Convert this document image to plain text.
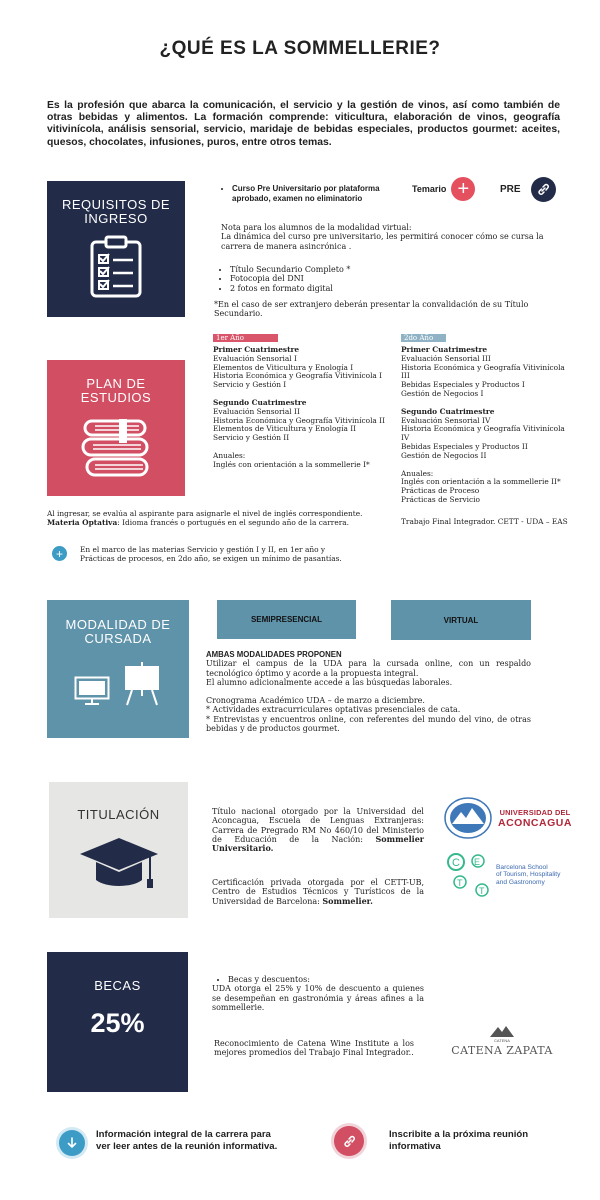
¿QUÉ ES LA SOMMELLERIE?
Es la profesión que abarca la comunicación, el servicio y la gestión de vinos, así como también de otras bebidas y alimentos. La formación comprende: viticultura, elaboración de vinos, geografía vitivinícola, análisis sensorial, servicio, maridaje de bebidas especiales, productos gourmet: aceites, quesos, chocolates, infusiones, puros, entre otros temas.
REQUISITOS DE INGRESO
• Curso Pre Universitario por plataforma aprobado, examen no eliminatorio
Temario +	PRE
Nota para los alumnos de la modalidad virtual:
La dinámica del curso pre universitario, les permitirá conocer cómo se cursa la carrera de manera asincrónica .
• Título Secundario Completo *
• Fotocopia del DNI
• 2 fotos en formato digital
*En el caso de ser extranjero deberán presentar la convalidación de su Título Secundario.
PLAN DE ESTUDIOS
1er Año
Primer Cuatrimestre
Evaluación Sensorial I
Elementos de Viticultura y Enología I
Historia Económica y Geografía Vitivinícola I
Servicio y Gestión I
Segundo Cuatrimestre
Evaluación Sensorial II
Historia Económica y Geografía Vitivinícola II
Elementos de Viticultura y Enología II
Servicio y Gestión II
Anuales:
Inglés con orientación a la sommellerie I*
2do Año
Primer Cuatrimestre
Evaluación Sensorial III
Historia Económica y Geografía Vitivinícola III
Bebidas Especiales y Productos I
Gestión de Negocios I
Segundo Cuatrimestre
Evaluación Sensorial IV
Historia Económica y Geografía Vitivinícola IV
Bebidas Especiales y Productos II
Gestión de Negocios II
Anuales:
Inglés con orientación a la sommellerie II*
Prácticas de Proceso
Prácticas de Servicio
Trabajo Final Integrador. CETT - UDA – EAS
Al ingresar, se evalúa al aspirante para asignarle el nivel de inglés correspondiente.
Materia Optativa: Idioma francés o portugués en el segundo año de la carrera.
+	En el marco de las materias Servicio y gestión I y II, en 1er año y
Prácticas de procesos, en 2do año, se exigen un mínimo de pasantías.
MODALIDAD DE CURSADA
SEMIPRESENCIAL	VIRTUAL
AMBAS MODALIDADES PROPONEN
Utilizar el campus de la UDA para la cursada online, con un respaldo tecnológico óptimo y acorde a la propuesta integral.
El alumno adicionalmente accede a las búsquedas laborales.
Cronograma Académico UDA – de marzo a diciembre.
* Actividades extracurriculares optativas presenciales de cata.
* Entrevistas y encuentros online, con referentes del mundo del vino, de otras bebidas y de productos gourmet.
TITULACIÓN	Título nacional otorgado por la Universidad del Aconcagua, Escuela de Lenguas Extranjeras: Carrera de Pregrado RM No 460/10 del Ministerio de Educación de la Nación: Sommelier Universitario.
Certificación privada otorgada por el CETT-UB, Centro de Estudios Técnicos y Turísticos de la Universidad de Barcelona: Sommelier.
UNIVERSIDAD DEL
ACONCAGUA
C E
T
T
Barcelona School
of Tourism, Hospitality
and Gastronomy
BECAS
25%
• Becas y descuentos:
UDA otorga el 25% y 10% de descuento a quienes se desempeñan en gastronómia y áreas afines a la sommellerie.
Reconocimiento de Catena Wine Institute a los mejores promedios del Trabajo Final Integrador..
CATENA
CATENA ZAPATA
Información integral de la carrera para ver leer antes de la reunión informativa.
Inscribite a la próxima reunión informativa
